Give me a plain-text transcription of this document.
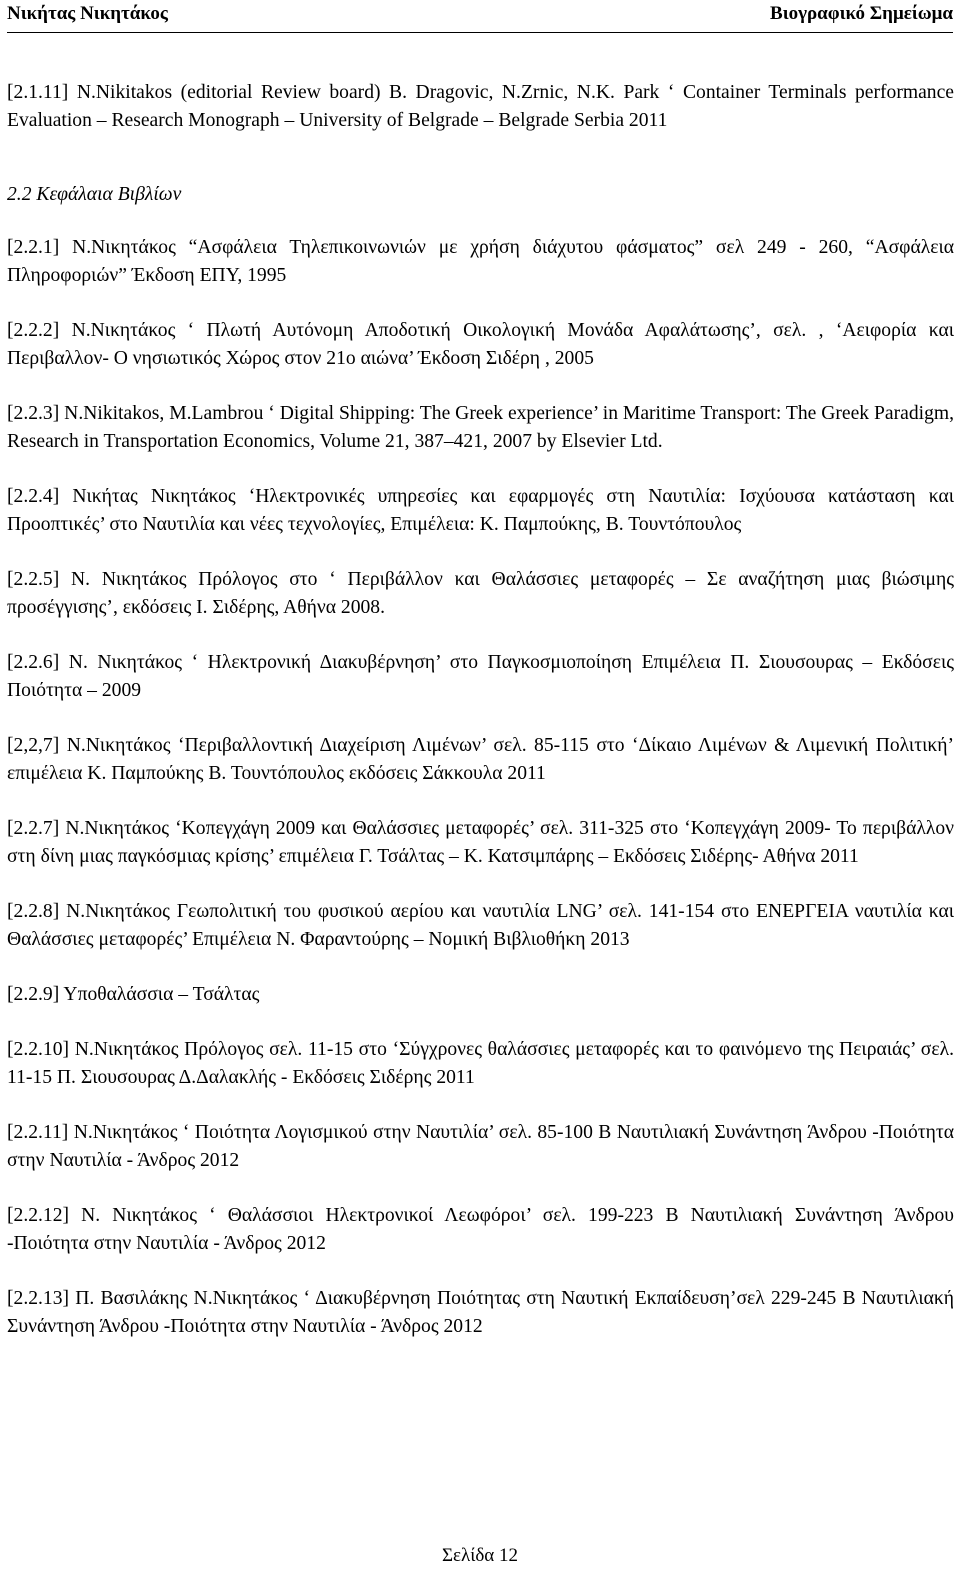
Νικήτας Νικητάκος	Βιογραφικό Σημείωμα

[2.1.11] N.Nikitakos (editorial Review board) B. Dragovic, N.Zrnic, N.K. Park ‘ Container Terminals performance Evaluation – Research Monograph – University of Belgrade – Belgrade Serbia 2011

2.2 Κεφάλαια Βιβλίων

[2.2.1] Ν.Νικητάκος “Ασφάλεια Τηλεπικοινωνιών με χρήση διάχυτου φάσματος” σελ 249 - 260, “Ασφάλεια Πληροφοριών” Έκδοση ΕΠΥ, 1995

[2.2.2] Ν.Νικητάκος ‘ Πλωτή Αυτόνομη Αποδοτική Οικολογική Μονάδα Αφαλάτωσης’, σελ. , ‘Αειφορία και Περιβαλλον- Ο νησιωτικός Χώρος στον 21ο αιώνα’ Έκδοση Σιδέρη , 2005

[2.2.3] N.Nikitakos, M.Lambrou ‘ Digital Shipping: The Greek experience’ in Maritime Transport: The Greek Paradigm, Research in Transportation Economics, Volume 21, 387–421, 2007 by Elsevier Ltd.

[2.2.4] Νικήτας Νικητάκος ‘Ηλεκτρονικές υπηρεσίες και εφαρμογές στη Ναυτιλία: Ισχύουσα κατάσταση και Προοπτικές’ στο Ναυτιλία και νέες τεχνολογίες, Επιμέλεια: Κ. Παμπούκης, Β. Τουντόπουλος

[2.2.5] Ν. Νικητάκος Πρόλογος στο ‘ Περιβάλλον και Θαλάσσιες μεταφορές – Σε αναζήτηση μιας βιώσιμης προσέγγισης’, εκδόσεις Ι. Σιδέρης, Αθήνα 2008.

[2.2.6] Ν. Νικητάκος ‘ Ηλεκτρονική Διακυβέρνηση’ στο Παγκοσμιοποίηση Επιμέλεια Π. Σιουσουρας – Εκδόσεις Ποιότητα – 2009

[2,2,7] Ν.Νικητάκος ‘Περιβαλλοντική Διαχείριση Λιμένων’ σελ. 85-115 στο ‘Δίκαιο Λιμένων & Λιμενική Πολιτική’ επιμέλεια Κ. Παμπούκης Β. Τουντόπουλος εκδόσεις Σάκκουλα 2011

[2.2.7] Ν.Νικητάκος ‘Κοπεγχάγη 2009 και Θαλάσσιες μεταφορές’ σελ. 311-325 στο ‘Κοπεγχάγη 2009- Το περιβάλλον στη δίνη μιας παγκόσμιας κρίσης’ επιμέλεια Γ. Τσάλτας – Κ. Κατσιμπάρης – Εκδόσεις Σιδέρης- Αθήνα 2011

[2.2.8] Ν.Νικητάκος Γεωπολιτική του φυσικού αερίου και ναυτιλία LNG’ σελ. 141-154 στο ΕΝΕΡΓΕΙΑ ναυτιλία και Θαλάσσιες μεταφορές’ Επιμέλεια Ν. Φαραντούρης – Νομική Βιβλιοθήκη 2013

[2.2.9] Υποθαλάσσια – Τσάλτας

[2.2.10] Ν.Νικητάκος Πρόλογος σελ. 11-15 στο ‘Σύγχρονες θαλάσσιες μεταφορές και το φαινόμενο της Πειραιάς’ σελ. 11-15 Π. Σιουσουρας Δ.Δαλακλής - Εκδόσεις Σιδέρης 2011

[2.2.11] Ν.Νικητάκος ‘ Ποιότητα Λογισμικού στην Ναυτιλία’ σελ. 85-100 Β Ναυτιλιακή Συνάντηση Άνδρου -Ποιότητα στην Ναυτιλία - Άνδρος 2012

[2.2.12] Ν. Νικητάκος ‘ Θαλάσσιοι Ηλεκτρονικοί Λεωφόροι’ σελ. 199-223 Β Ναυτιλιακή Συνάντηση Άνδρου -Ποιότητα στην Ναυτιλία - Άνδρος 2012

[2.2.13] Π. Βασιλάκης Ν.Νικητάκος ‘ Διακυβέρνηση Ποιότητας στη Ναυτική Εκπαίδευση’σελ 229-245 Β Ναυτιλιακή Συνάντηση Άνδρου -Ποιότητα στην Ναυτιλία - Άνδρος 2012

Σελίδα 12
